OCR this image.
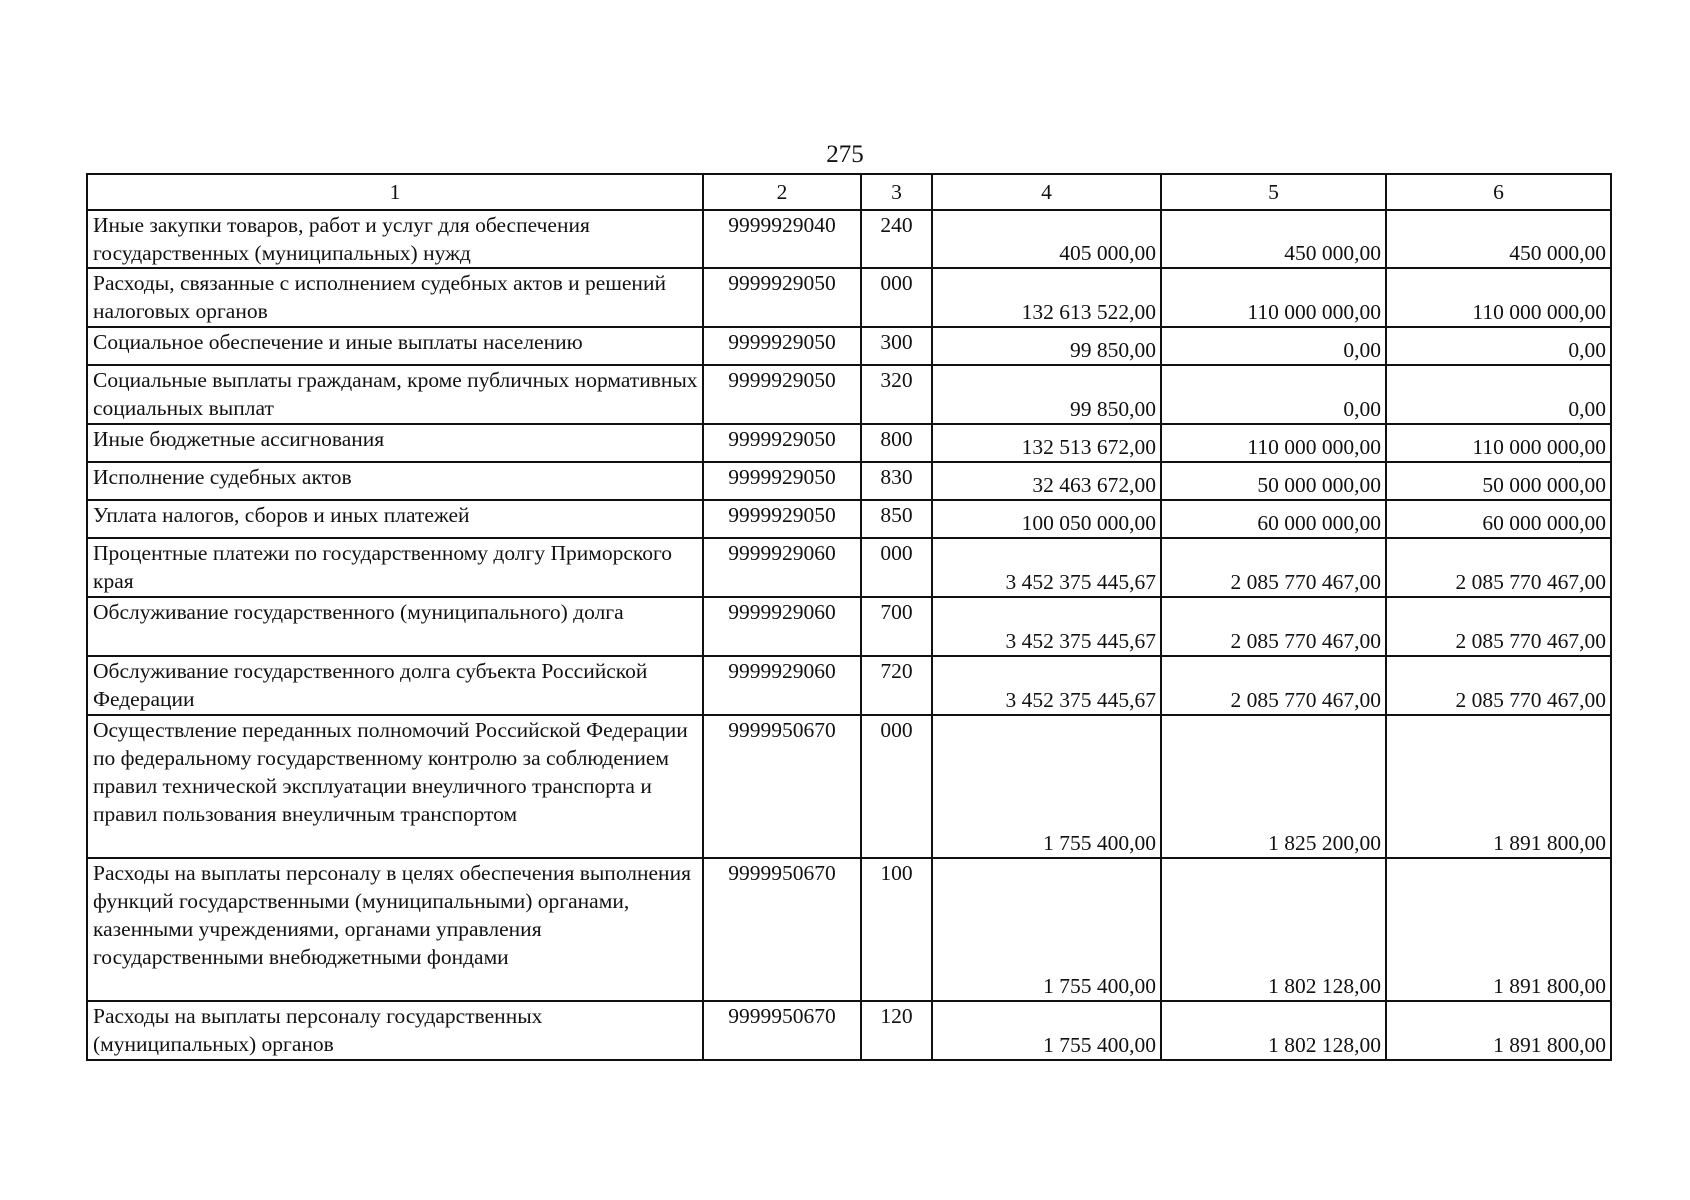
275
1	2	3	4	5	6
Иные закупки товаров, работ и услуг для обеспечения государственных (муниципальных) нужд	9999929040	240	405 000,00	450 000,00	450 000,00
Расходы, связанные с исполнением судебных актов и решений налоговых органов	9999929050	000	132 613 522,00	110 000 000,00	110 000 000,00
Социальное обеспечение и иные выплаты населению	9999929050	300	99 850,00	0,00	0,00
Социальные выплаты гражданам, кроме публичных нормативных социальных выплат	9999929050	320	99 850,00	0,00	0,00
Иные бюджетные ассигнования	9999929050	800	132 513 672,00	110 000 000,00	110 000 000,00
Исполнение судебных актов	9999929050	830	32 463 672,00	50 000 000,00	50 000 000,00
Уплата налогов, сборов и иных платежей	9999929050	850	100 050 000,00	60 000 000,00	60 000 000,00
Процентные платежи по государственному долгу Приморского края	9999929060	000	3 452 375 445,67	2 085 770 467,00	2 085 770 467,00
Обслуживание государственного (муниципального) долга	9999929060	700	3 452 375 445,67	2 085 770 467,00	2 085 770 467,00
Обслуживание государственного долга субъекта Российской Федерации	9999929060	720	3 452 375 445,67	2 085 770 467,00	2 085 770 467,00
Осуществление переданных полномочий Российской Федерации по федеральному государственному контролю за соблюдением правил технической эксплуатации внеуличного транспорта и правил пользования внеуличным транспортом	9999950670	000	1 755 400,00	1 825 200,00	1 891 800,00
Расходы на выплаты персоналу в целях обеспечения выполнения функций государственными (муниципальными) органами, казенными учреждениями, органами управления государственными внебюджетными фондами	9999950670	100	1 755 400,00	1 802 128,00	1 891 800,00
Расходы на выплаты персоналу государственных (муниципальных) органов	9999950670	120	1 755 400,00	1 802 128,00	1 891 800,00
